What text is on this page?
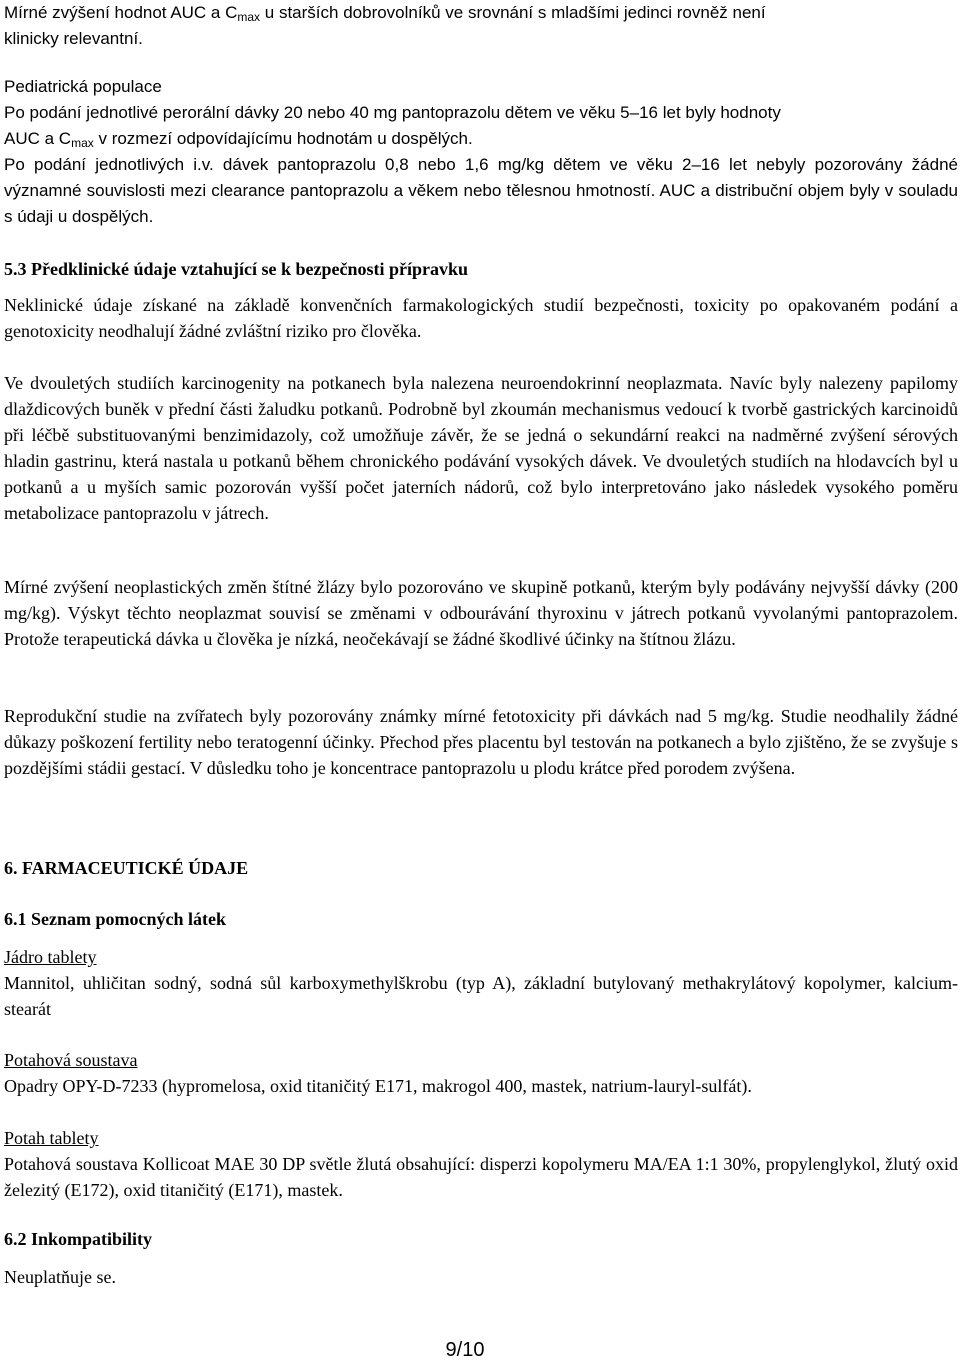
Mírné zvýšení hodnot AUC a $C_{max}$ u starších dobrovolníků ve srovnání s mladšími jedinci rovněž není

klinicky relevantní.

Pediatrická populace

Po podání jednotlivé perorální dávky 20 nebo 40 mg pantoprazolu dětem ve věku 5–16 let byly hodnoty

AUC a $C_{max}$ v rozmezí odpovídajícímu hodnotám u dospělých.

Po podání jednotlivých i.v. dávek pantoprazolu 0,8 nebo 1,6 mg/kg dětem ve věku 2–16 let nebyly pozorovány žádné významné souvislosti mezi clearance pantoprazolu a věkem nebo tělesnou hmotností. AUC a distribuční objem byly v souladu s údaji u dospělých.

5.3 Předklinické údaje vztahující se k bezpečnosti přípravku

Neklinické údaje získané na základě konvenčních farmakologických studií bezpečnosti, toxicity po opakovaném podání a genotoxicity neodhalují žádné zvláštní riziko pro člověka.

Ve dvouletých studiích karcinogenity na potkanech byla nalezena neuroendokrinní neoplazmata. Navíc byly nalezeny papilomy dlaždicových buněk v přední části žaludku potkanů. Podrobně byl zkoumán mechanismus vedoucí k tvorbě gastrických karcinoidů při léčbě substituovanými benzimidazoly, což umožňuje závěr, že se jedná o sekundární reakci na nadměrné zvýšení sérových hladin gastrinu, která nastala u potkanů během chronického podávání vysokých dávek. Ve dvouletých studiích na hlodavcích byl u potkanů a u myších samic pozorován vyšší počet jaterních nádorů, což bylo interpretováno jako následek vysokého poměru metabolizace pantoprazolu v játrech.

Mírné zvýšení neoplastických změn štítné žlázy bylo pozorováno ve skupině potkanů, kterým byly podávány nejvyšší dávky (200 mg/kg). Výskyt těchto neoplazmat souvisí se změnami v odbourávání thyroxinu v játrech potkanů vyvolanými pantoprazolem. Protože terapeutická dávka u člověka je nízká, neočekávají se žádné škodlivé účinky na štítnou žlázu.

Reprodukční studie na zvířatech byly pozorovány známky mírné fetotoxicity při dávkách nad 5 mg/kg. Studie neodhalily žádné důkazy poškození fertility nebo teratogenní účinky. Přechod přes placentu byl testován na potkanech a bylo zjištěno, že se zvyšuje s pozdějšími stádii gestací. V důsledku toho je koncentrace pantoprazolu u plodu krátce před porodem zvýšena.

6. FARMACEUTICKÉ ÚDAJE

6.1 Seznam pomocných látek

Jádro tablety

Mannitol, uhličitan sodný, sodná sůl karboxymethylškrobu (typ A), základní butylovaný methakrylátový kopolymer, kalcium-stearát

Potahová soustava

Opadry OPY-D-7233 (hypromelosa, oxid titaničitý E171, makrogol 400, mastek, natrium-lauryl-sulfát).

Potah tablety

Potahová soustava Kollicoat MAE 30 DP světle žlutá obsahující: disperzi kopolymeru MA/EA 1:1 30%, propylenglykol, žlutý oxid železitý (E172), oxid titaničitý (E171), mastek.

6.2 Inkompatibility

Neuplatňuje se.

9/10
